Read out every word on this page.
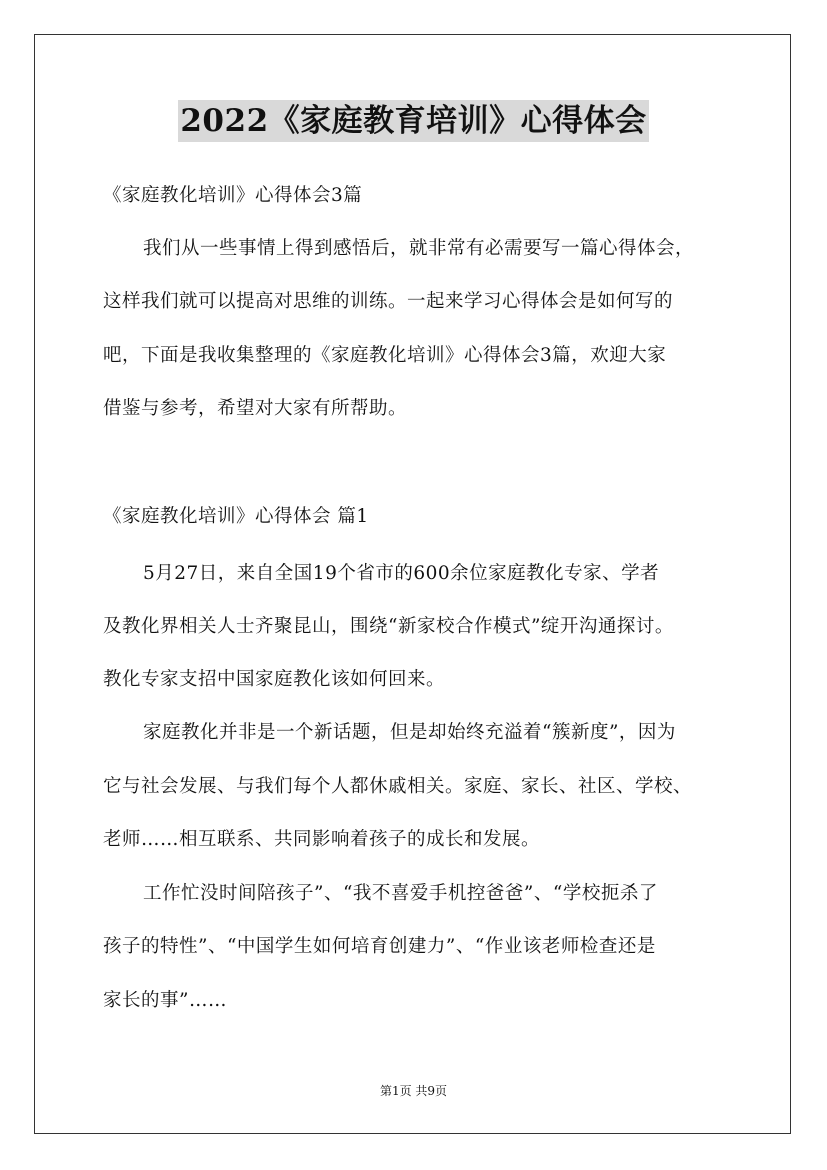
2022《家庭教育培训》心得体会
《家庭教化培训》心得体会3篇
我们从一些事情上得到感悟后，就非常有必需要写一篇心得体会，
这样我们就可以提高对思维的训练。一起来学习心得体会是如何写的
吧，下面是我收集整理的《家庭教化培训》心得体会3篇，欢迎大家
借鉴与参考，希望对大家有所帮助。
《家庭教化培训》心得体会 篇1
5月27日，来自全国19个省市的600余位家庭教化专家、学者
及教化界相关人士齐聚昆山，围绕“新家校合作模式”绽开沟通探讨。
教化专家支招中国家庭教化该如何回来。
家庭教化并非是一个新话题，但是却始终充溢着“簇新度”，因为
它与社会发展、与我们每个人都休戚相关。家庭、家长、社区、学校、
老师……相互联系、共同影响着孩子的成长和发展。
工作忙没时间陪孩子”、“我不喜爱手机控爸爸”、“学校扼杀了
孩子的特性”、“中国学生如何培育创建力”、“作业该老师检查还是
家长的事”……
第1页 共9页
